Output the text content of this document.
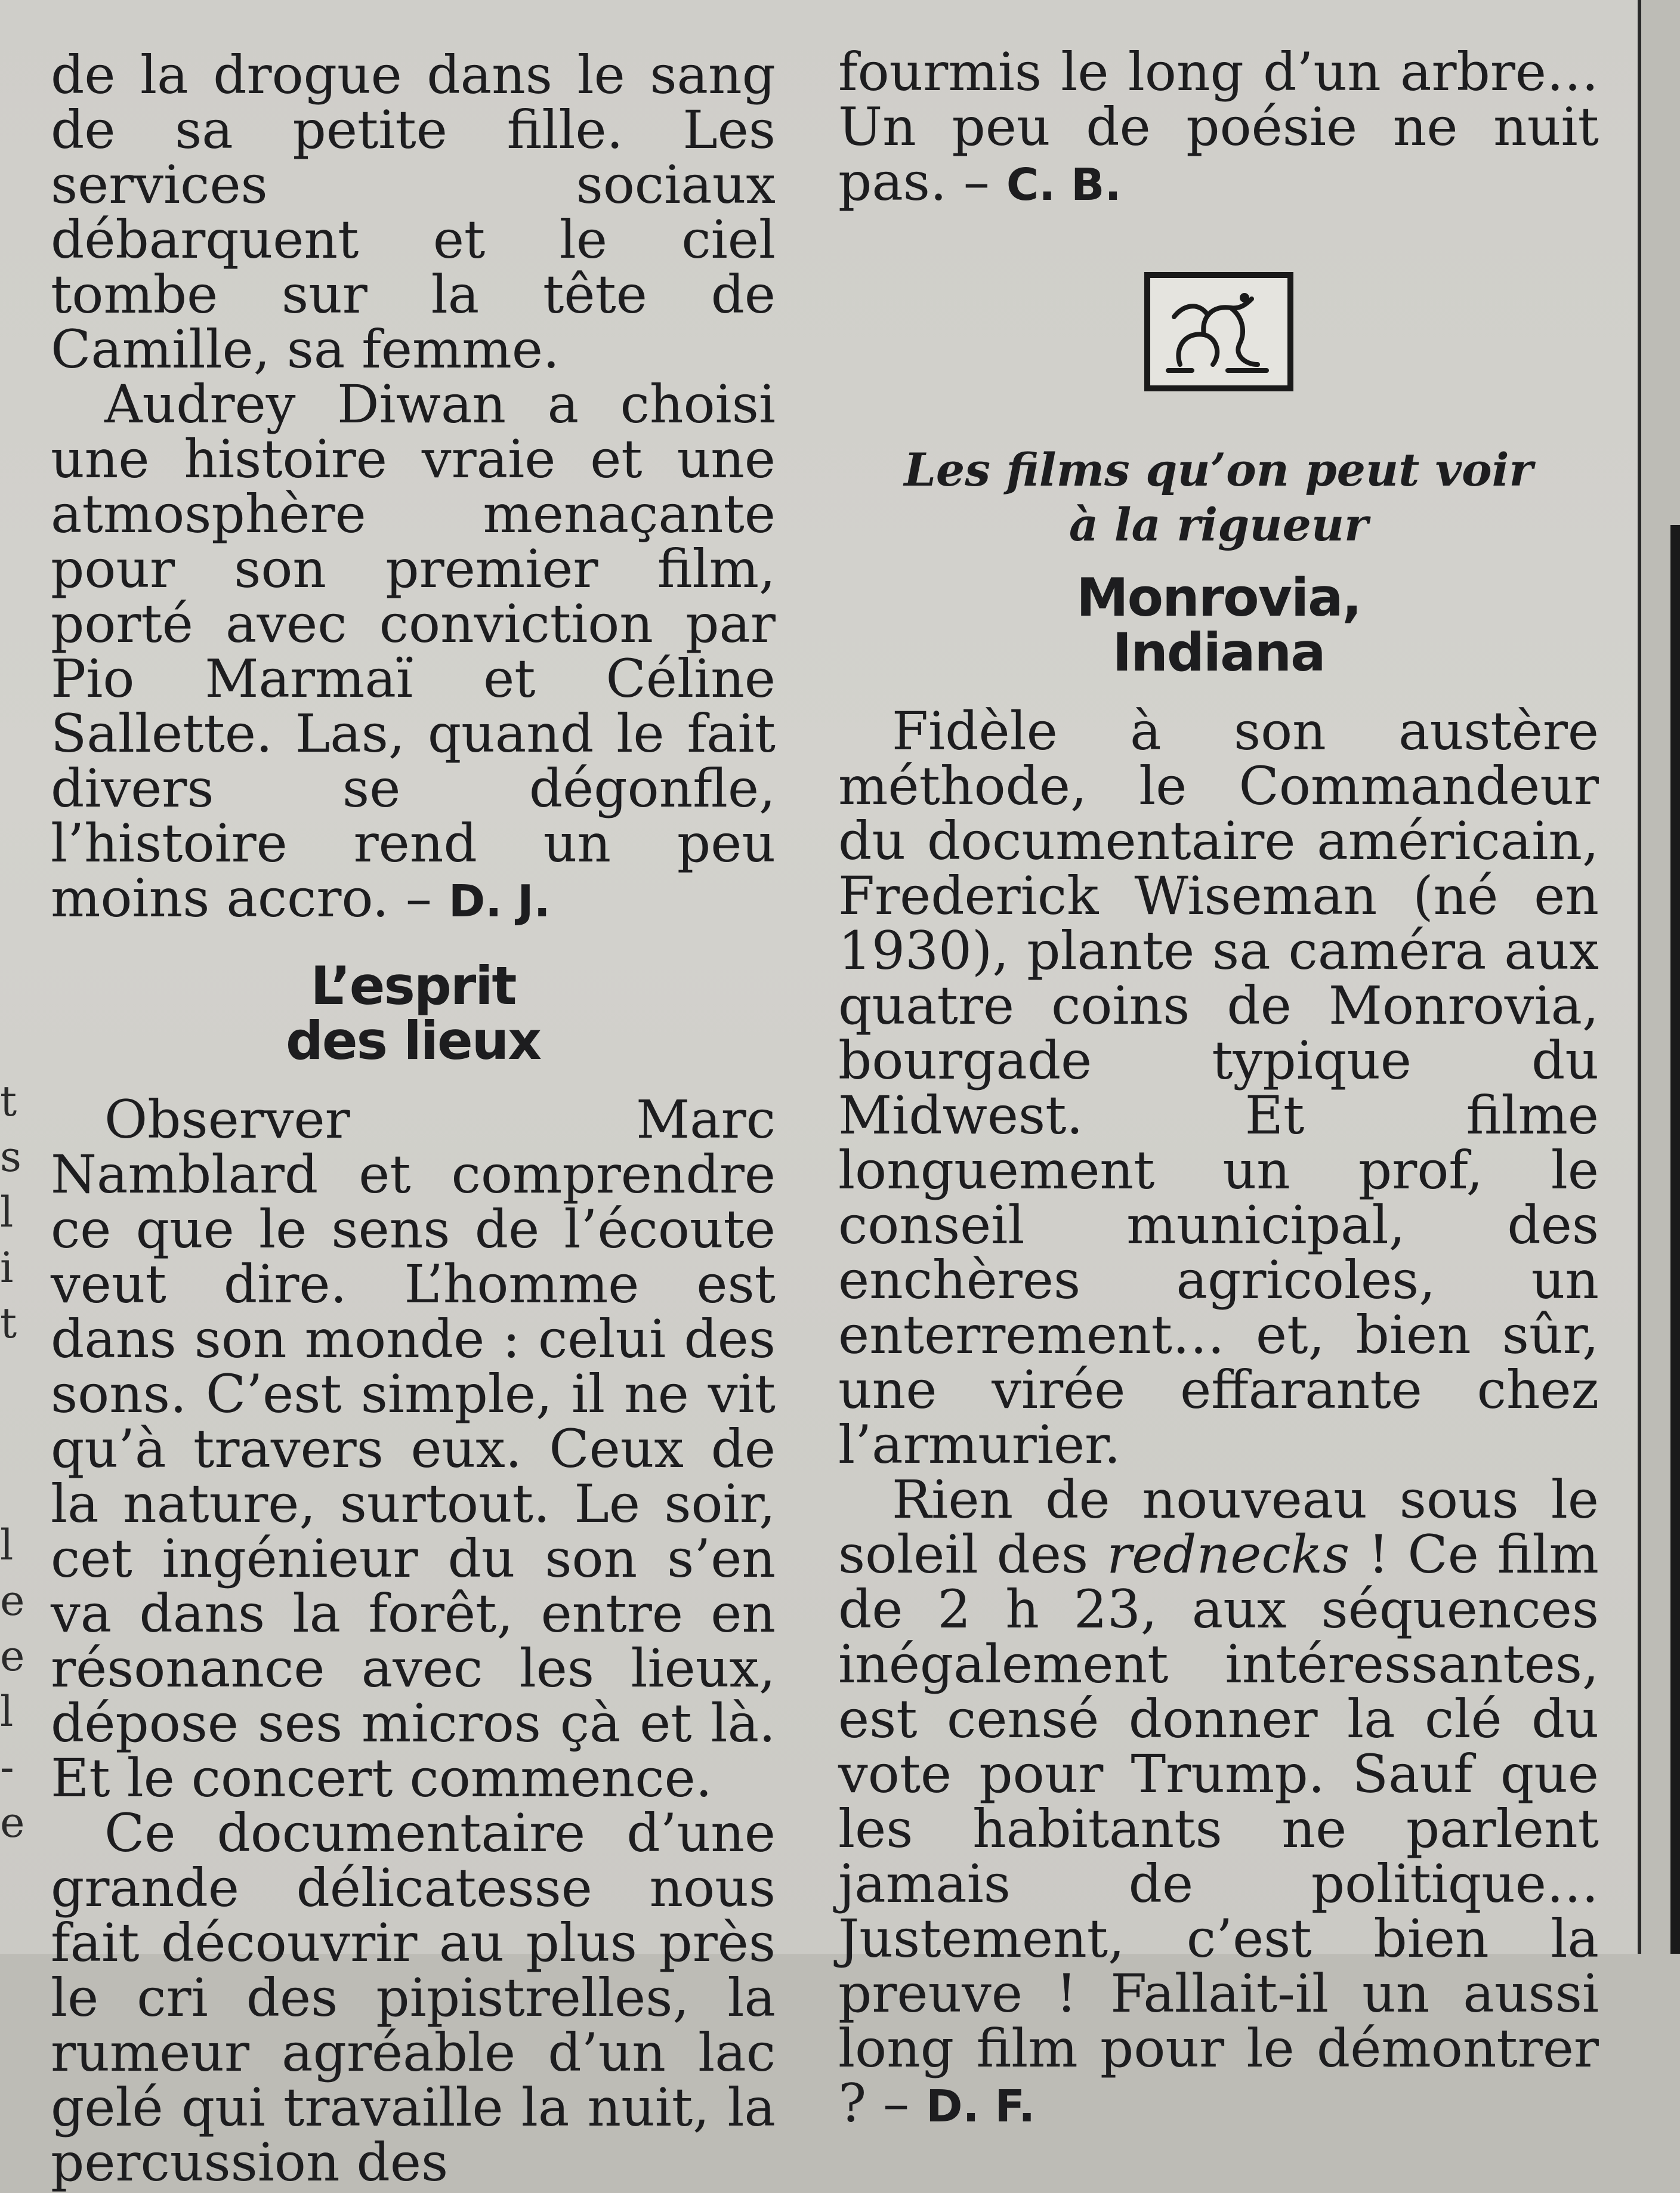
t
s
l
i
t

l
e
e
l
-
e

de la drogue dans le sang de sa petite fille. Les services sociaux débarquent et le ciel tombe sur la tête de Camille, sa femme.

Audrey Diwan a choisi une histoire vraie et une atmosphère menaçante pour son premier film, porté avec conviction par Pio Marmaï et Céline Sallette. Las, quand le fait divers se dégonfle, l’histoire rend un peu moins accro. – D. J.

L’esprit
des lieux

Observer Marc Namblard et comprendre ce que le sens de l’écoute veut dire. L’homme est dans son monde : celui des sons. C’est simple, il ne vit qu’à travers eux. Ceux de la nature, surtout. Le soir, cet ingénieur du son s’en va dans la forêt, entre en résonance avec les lieux, dépose ses micros çà et là. Et le concert commence.

Ce documentaire d’une grande délicatesse nous fait découvrir au plus près le cri des pipistrelles, la rumeur agréable d’un lac gelé qui travaille la nuit, la percussion des

fourmis le long d’un arbre… Un peu de poésie ne nuit pas. – C. B.

Les films qu’on peut voir
à la rigueur
Monrovia,
Indiana

Fidèle à son austère méthode, le Commandeur du documentaire américain, Frederick Wiseman (né en 1930), plante sa caméra aux quatre coins de Monrovia, bourgade typique du Midwest. Et filme longuement un prof, le conseil municipal, des enchères agricoles, un enterrement… et, bien sûr, une virée effarante chez l’armurier.

Rien de nouveau sous le soleil des rednecks ! Ce film de 2 h 23, aux séquences inégalement intéressantes, est censé donner la clé du vote pour Trump. Sauf que les habitants ne parlent jamais de politique… Justement, c’est bien la preuve ! Fallait-il un aussi long film pour le démontrer ? – D. F.
